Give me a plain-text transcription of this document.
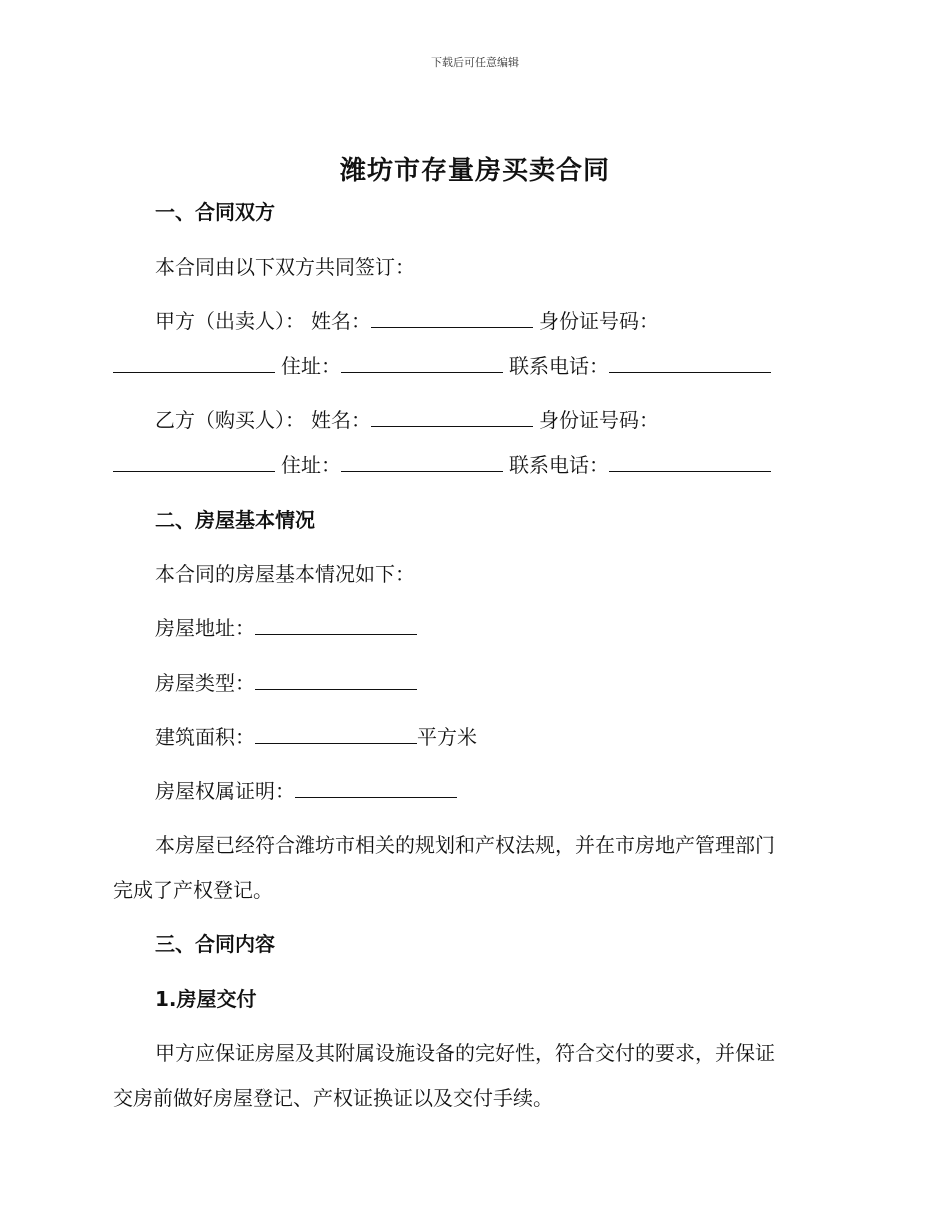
下载后可任意编辑
潍坊市存量房买卖合同
一、合同双方
本合同由以下双方共同签订：
甲方（出卖人）： 姓名：	身份证号码：
住址：	联系电话：
乙方（购买人）： 姓名：	身份证号码：
住址：	联系电话：
二、房屋基本情况
本合同的房屋基本情况如下：
房屋地址：
房屋类型：
建筑面积：	平方米
房屋权属证明：
本房屋已经符合潍坊市相关的规划和产权法规，并在市房地产管理部门
完成了产权登记。
三、合同内容
1.房屋交付
甲方应保证房屋及其附属设施设备的完好性，符合交付的要求，并保证
交房前做好房屋登记、产权证换证以及交付手续。
